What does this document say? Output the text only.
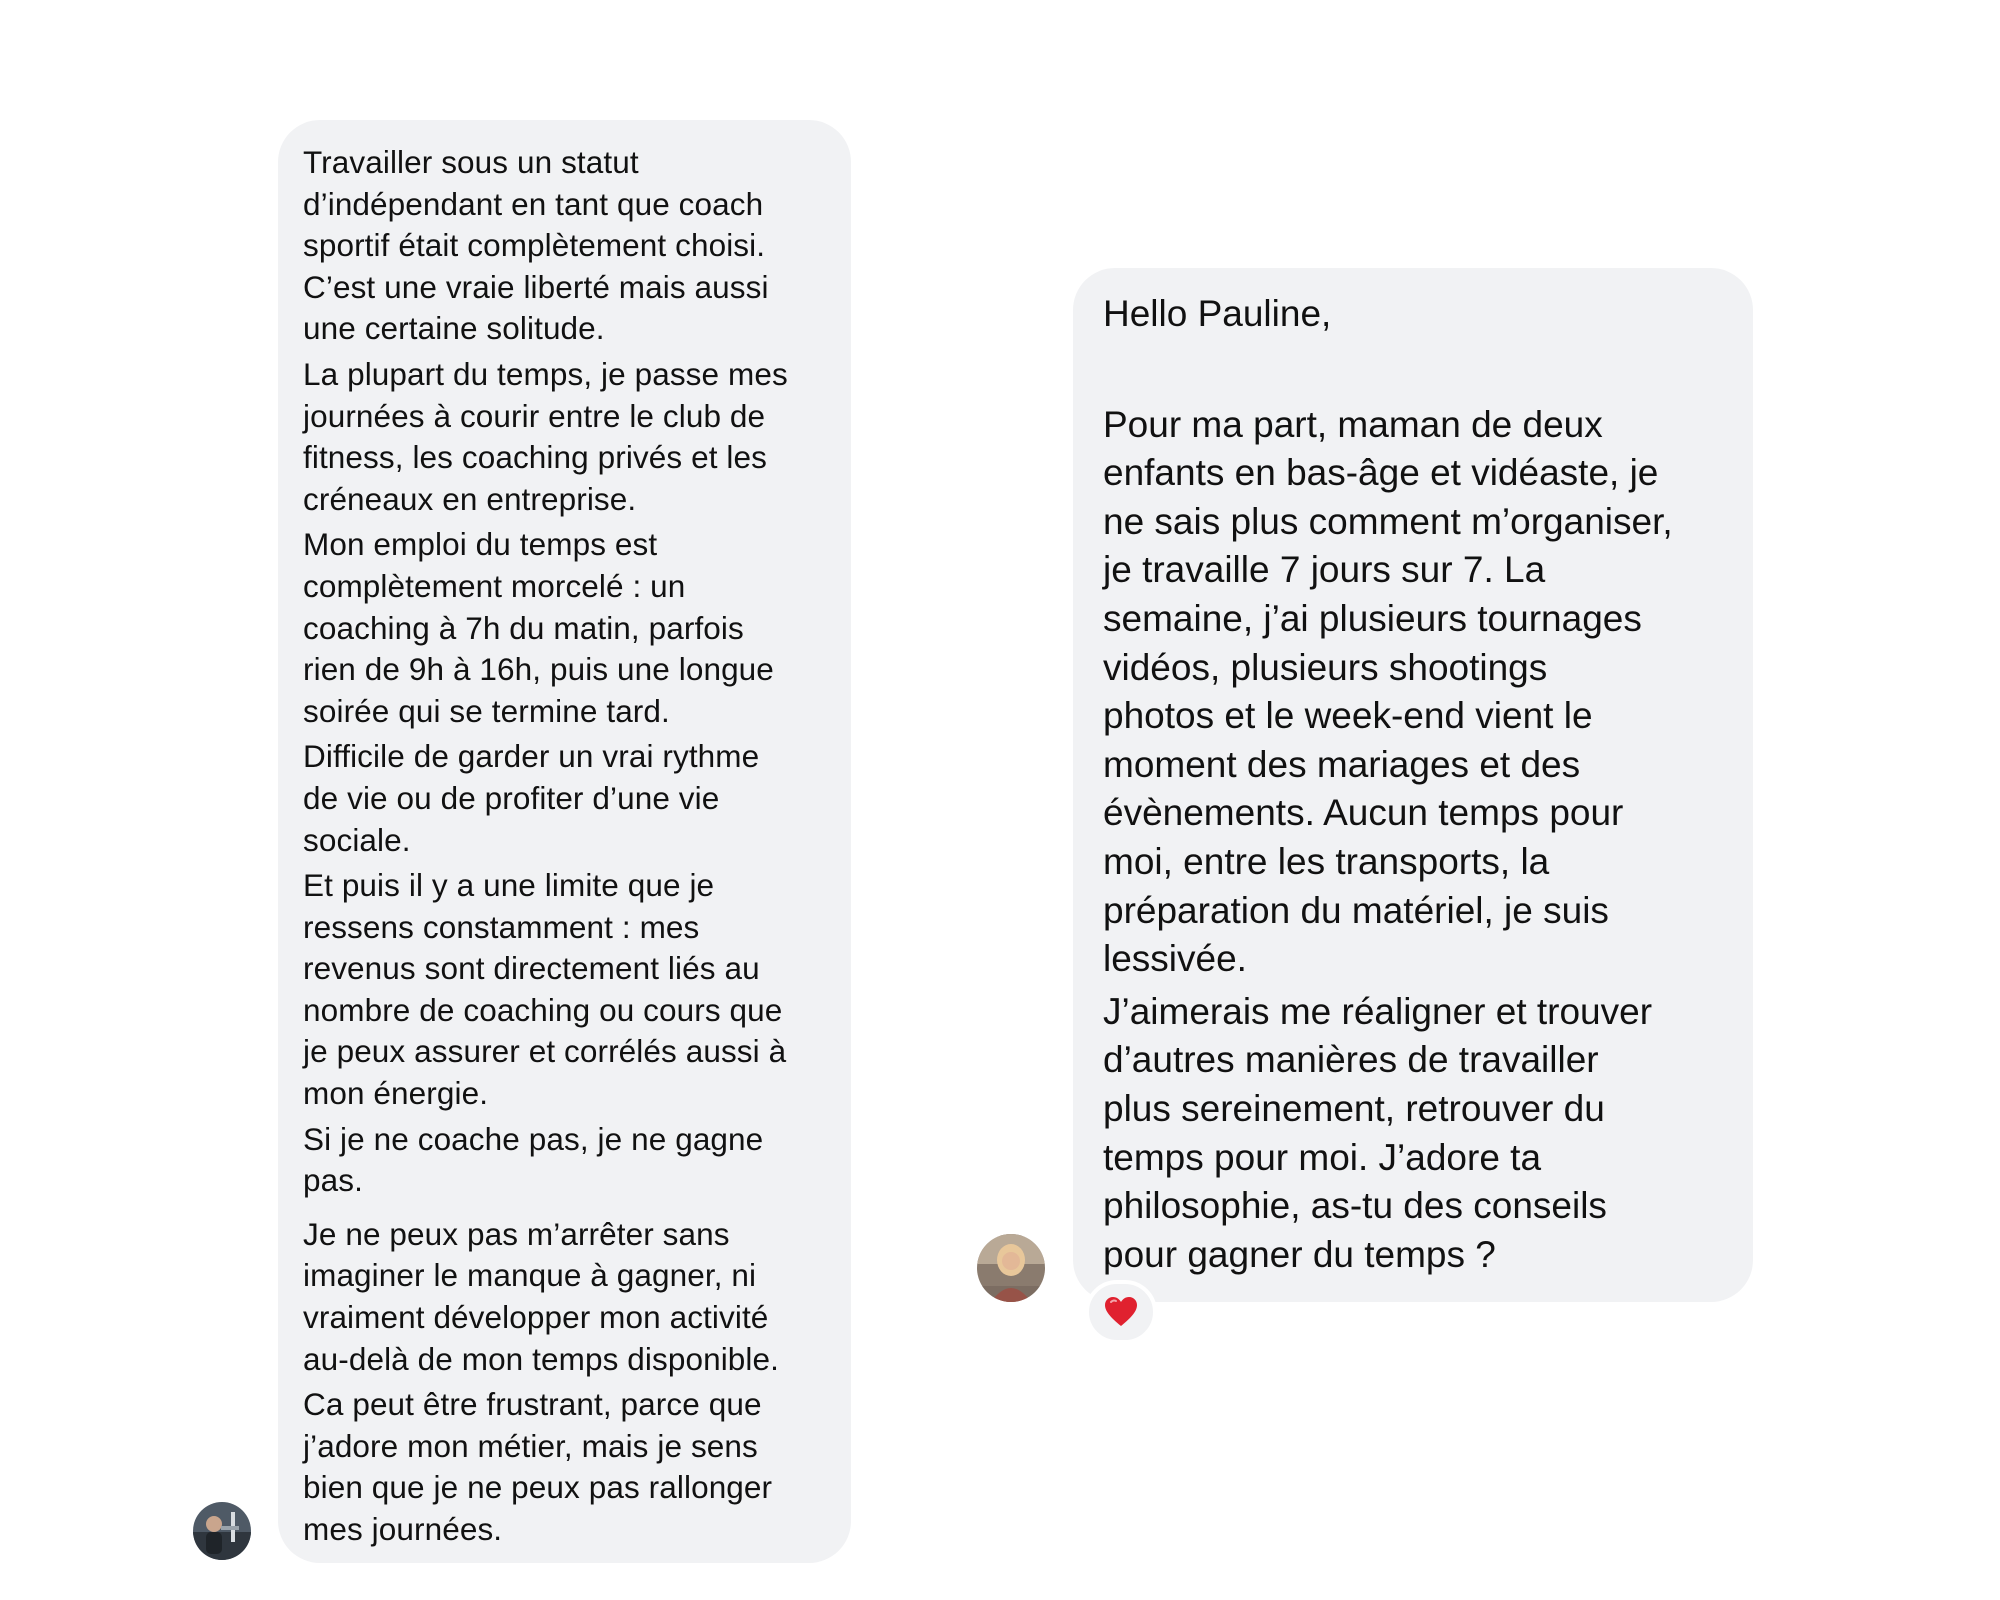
Travailler sous un statut
d’indépendant en tant que coach
sportif était complètement choisi.
C’est une vraie liberté mais aussi
une certaine solitude.

La plupart du temps, je passe mes
journées à courir entre le club de
fitness, les coaching privés et les
créneaux en entreprise.

Mon emploi du temps est
complètement morcelé : un
coaching à 7h du matin, parfois
rien de 9h à 16h, puis une longue
soirée qui se termine tard.

Difficile de garder un vrai rythme
de vie ou de profiter d’une vie
sociale.

Et puis il y a une limite que je
ressens constamment : mes
revenus sont directement liés au
nombre de coaching ou cours que
je peux assurer et corrélés aussi à
mon énergie.

Si je ne coache pas, je ne gagne
pas.

Je ne peux pas m’arrêter sans
imaginer le manque à gagner, ni
vraiment développer mon activité
au-delà de mon temps disponible.

Ca peut être frustrant, parce que
j’adore mon métier, mais je sens
bien que je ne peux pas rallonger
mes journées.

Hello Pauline,

Pour ma part, maman de deux
enfants en bas-âge et vidéaste, je
ne sais plus comment m’organiser,
je travaille 7 jours sur 7. La
semaine, j’ai plusieurs tournages
vidéos, plusieurs shootings
photos et le week-end vient le
moment des mariages et des
évènements. Aucun temps pour
moi, entre les transports, la
préparation du matériel, je suis
lessivée.

J’aimerais me réaligner et trouver
d’autres manières de travailler
plus sereinement, retrouver du
temps pour moi. J’adore ta
philosophie, as-tu des conseils
pour gagner du temps ?
